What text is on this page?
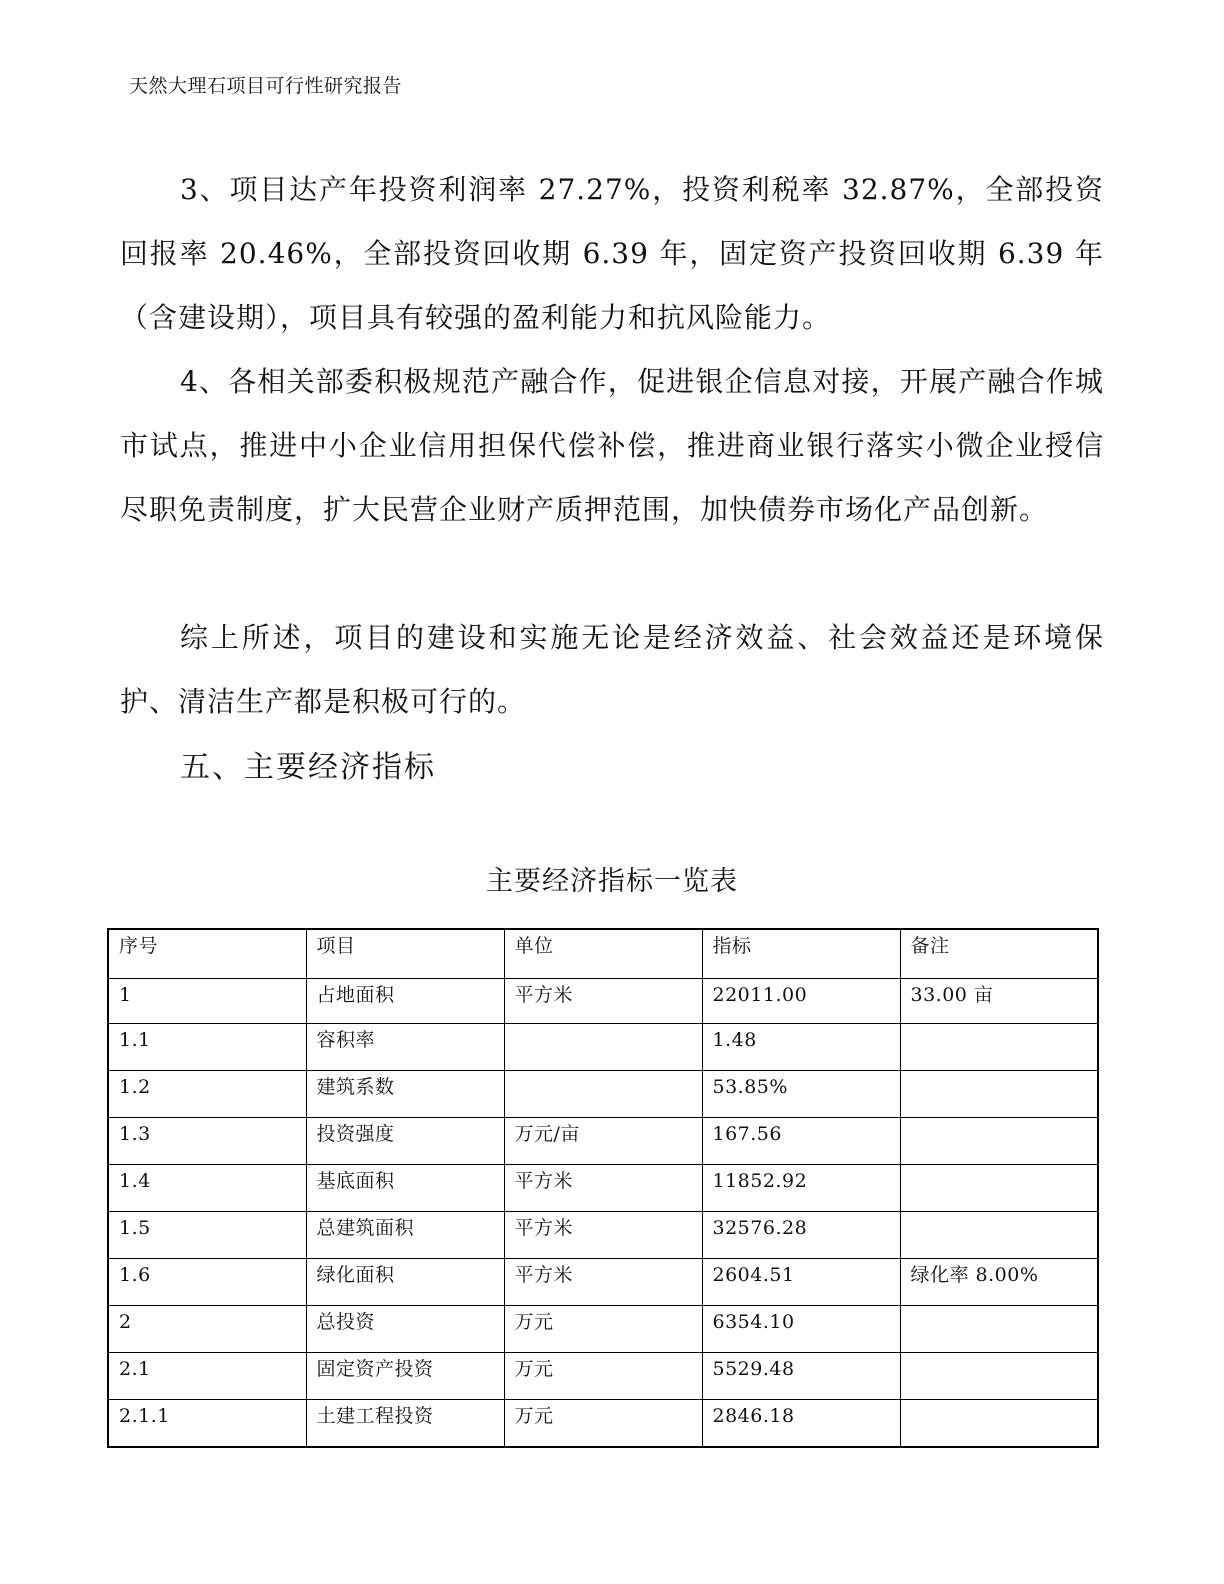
天然大理石项目可行性研究报告

3、项目达产年投资利润率 27.27%，投资利税率 32.87%，全部投资回报率 20.46%，全部投资回收期 6.39 年，固定资产投资回收期 6.39 年（含建设期），项目具有较强的盈利能力和抗风险能力。

4、各相关部委积极规范产融合作，促进银企信息对接，开展产融合作城市试点，推进中小企业信用担保代偿补偿，推进商业银行落实小微企业授信尽职免责制度，扩大民营企业财产质押范围，加快债券市场化产品创新。

综上所述，项目的建设和实施无论是经济效益、社会效益还是环境保护、清洁生产都是积极可行的。

五、主要经济指标
主要经济指标一览表
序号	项目	单位	指标	备注
1	占地面积	平方米	22011.00	33.00 亩
1.1	容积率		1.48	
1.2	建筑系数		53.85%	
1.3	投资强度	万元/亩	167.56	
1.4	基底面积	平方米	11852.92	
1.5	总建筑面积	平方米	32576.28	
1.6	绿化面积	平方米	2604.51	绿化率 8.00%
2	总投资	万元	6354.10	
2.1	固定资产投资	万元	5529.48	
2.1.1	土建工程投资	万元	2846.18	
